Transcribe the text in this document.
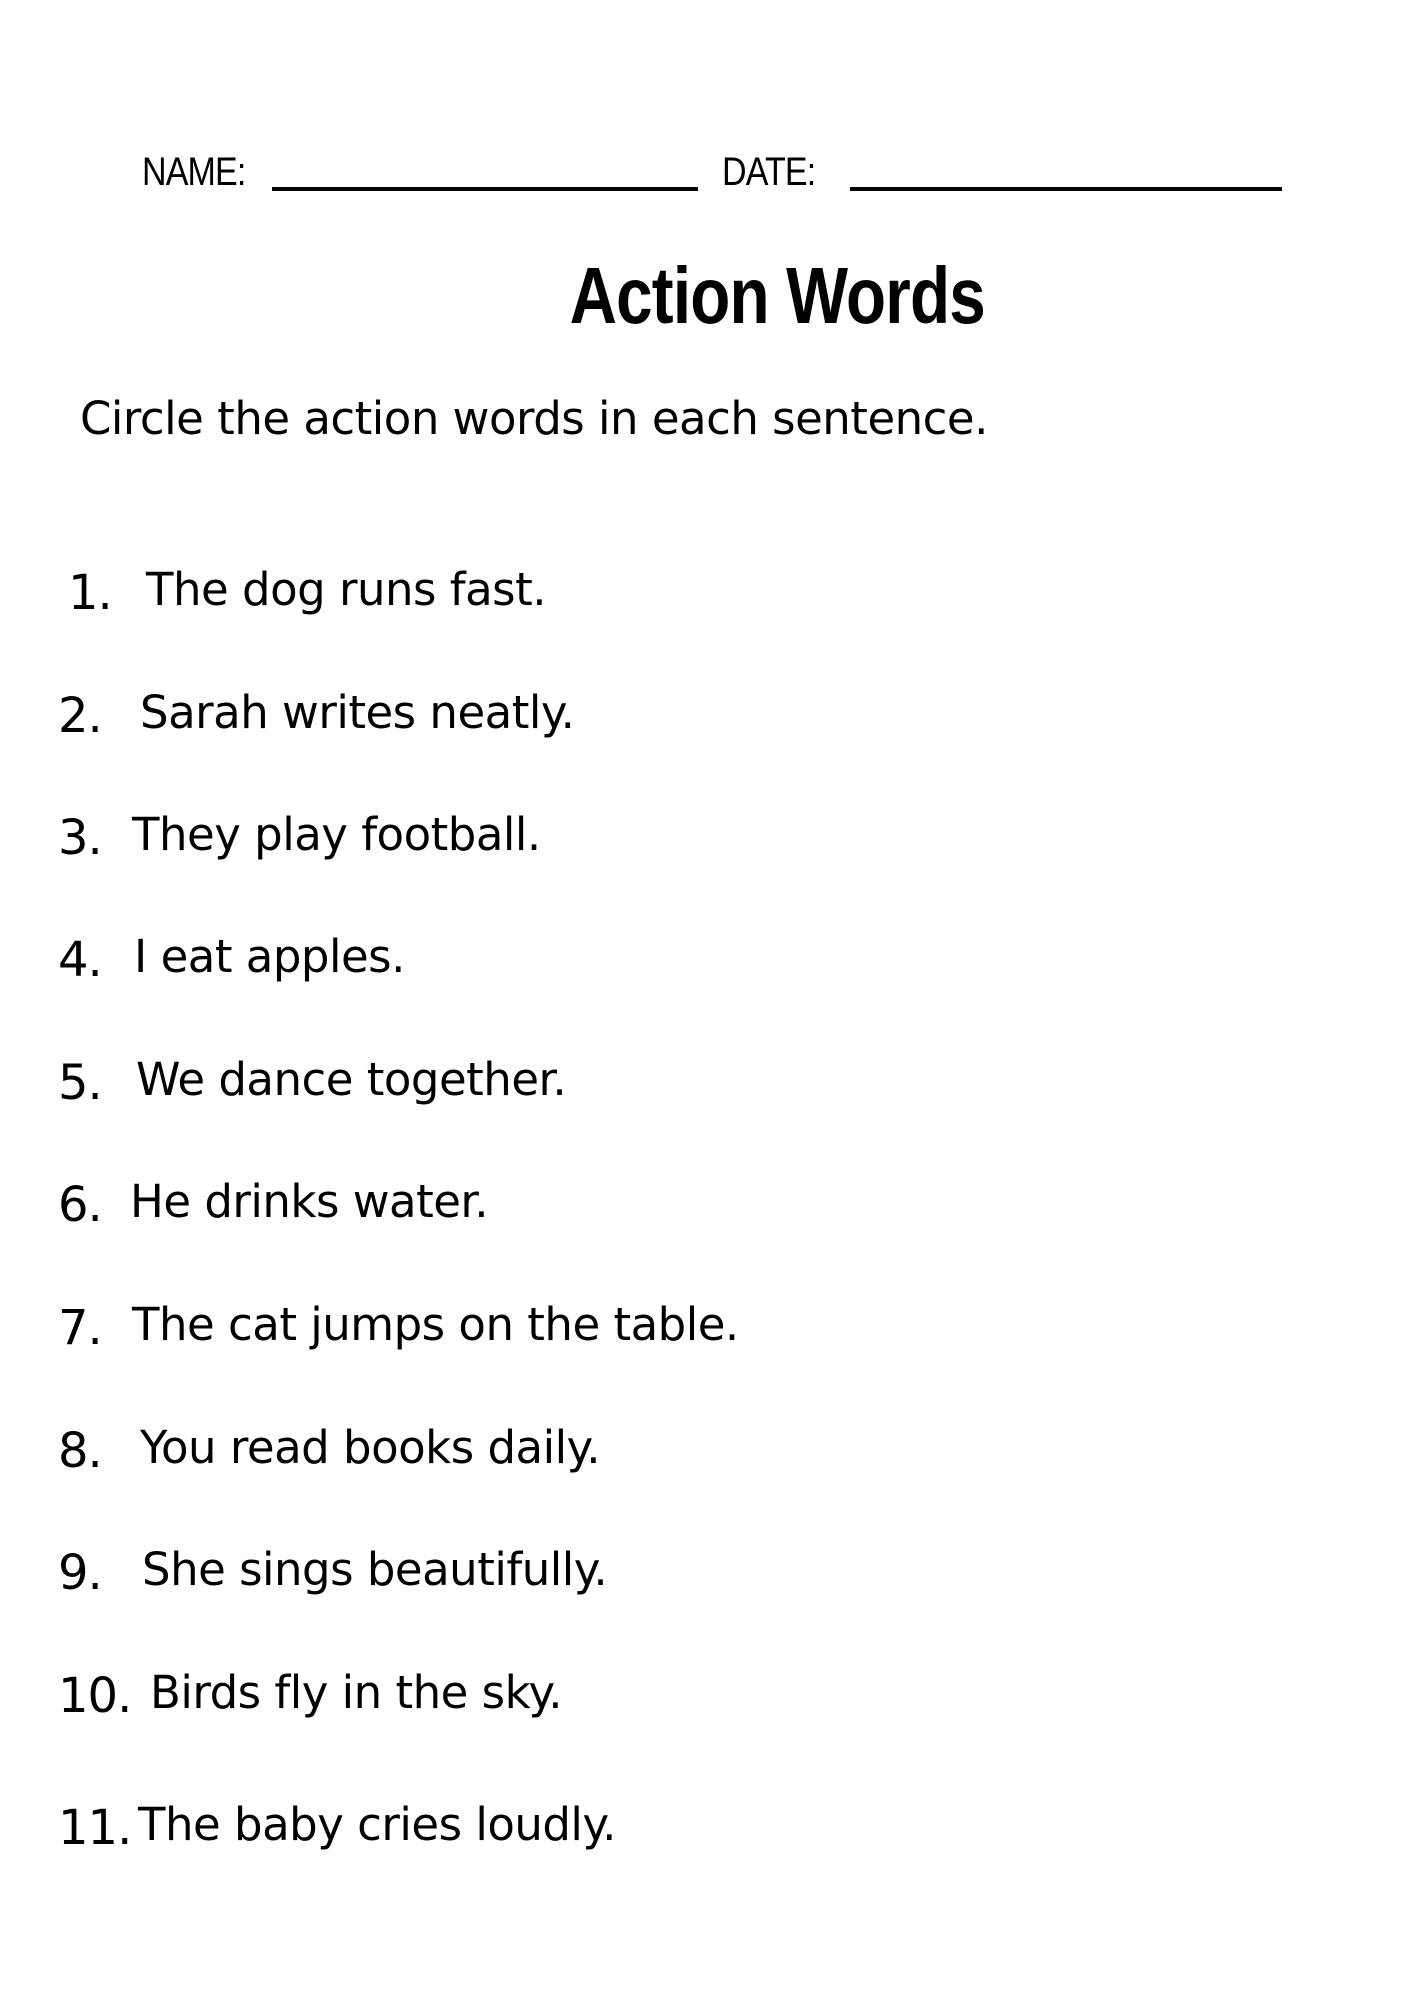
NAME:	DATE:
Action Words
Circle the action words in each sentence.
1. The dog runs fast.
2. Sarah writes neatly.
3. They play football.
4. I eat apples.
5. We dance together.
6. He drinks water.
7. The cat jumps on the table.
8. You read books daily.
9. She sings beautifully.
10. Birds fly in the sky.
11. The baby cries loudly.
